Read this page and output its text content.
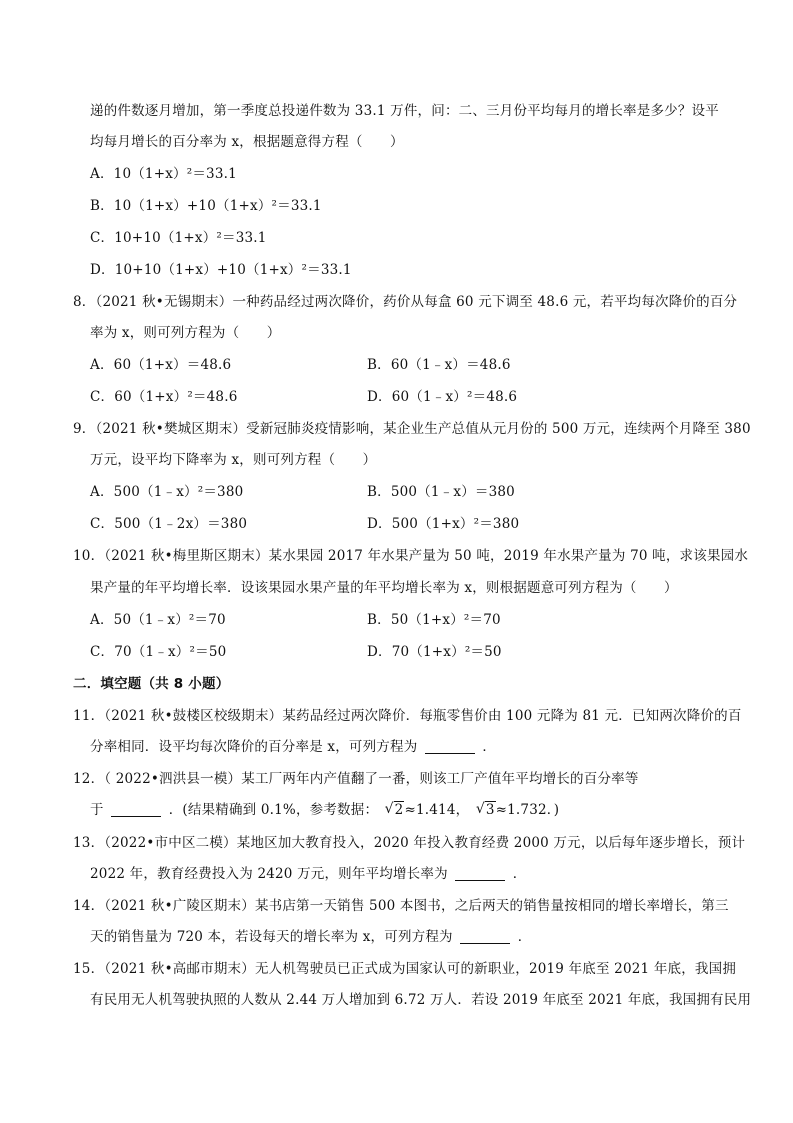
递的件数逐月增加，第一季度总投递件数为 33.1 万件，问：二、三月份平均每月的增长率是多少？设平
均每月增长的百分率为 x，根据题意得方程（　　）
A．10（1+x）²＝33.1
B．10（1+x）+10（1+x）²＝33.1
C．10+10（1+x）²＝33.1
D．10+10（1+x）+10（1+x）²＝33.1
8．（2021 秋•无锡期末）一种药品经过两次降价，药价从每盒 60 元下调至 48.6 元，若平均每次降价的百分
率为 x，则可列方程为（　　）
A．60（1+x）＝48.6	B．60（1﹣x）＝48.6
C．60（1+x）²＝48.6	D．60（1﹣x）²＝48.6
9．（2021 秋•樊城区期末）受新冠肺炎疫情影响，某企业生产总值从元月份的 500 万元，连续两个月降至 380
万元，设平均下降率为 x，则可列方程（　　）
A．500（1﹣x）²＝380	B．500（1﹣x）＝380
C．500（1﹣2x）＝380	D．500（1+x）²＝380
10．（2021 秋•梅里斯区期末）某水果园 2017 年水果产量为 50 吨，2019 年水果产量为 70 吨，求该果园水
果产量的年平均增长率．设该果园水果产量的年平均增长率为 x，则根据题意可列方程为（　　）
A．50（1﹣x）²＝70	B．50（1+x）²＝70
C．70（1﹣x）²＝50	D．70（1+x）²＝50
二．填空题（共 8 小题）
11．（2021 秋•鼓楼区校级期末）某药品经过两次降价．每瓶零售价由 100 元降为 81 元．已知两次降价的百
分率相同．设平均每次降价的百分率是 x，可列方程为	．
12．（ 2022•泗洪县一模）某工厂两年内产值翻了一番，则该工厂产值年平均增长的百分率等
于	．(结果精确到 0.1%，参考数据： √ 2≈1.414， √ 3≈1.732．)
13．（2022•市中区二模）某地区加大教育投入，2020 年投入教育经费 2000 万元，以后每年逐步增长，预计
2022 年，教育经费投入为 2420 万元，则年平均增长率为	．
14．（2021 秋•广陵区期末）某书店第一天销售 500 本图书，之后两天的销售量按相同的增长率增长，第三
天的销售量为 720 本，若设每天的增长率为 x，可列方程为	．
15．（2021 秋•高邮市期末）无人机驾驶员已正式成为国家认可的新职业，2019 年底至 2021 年底，我国拥
有民用无人机驾驶执照的人数从 2.44 万人增加到 6.72 万人．若设 2019 年底至 2021 年底，我国拥有民用
